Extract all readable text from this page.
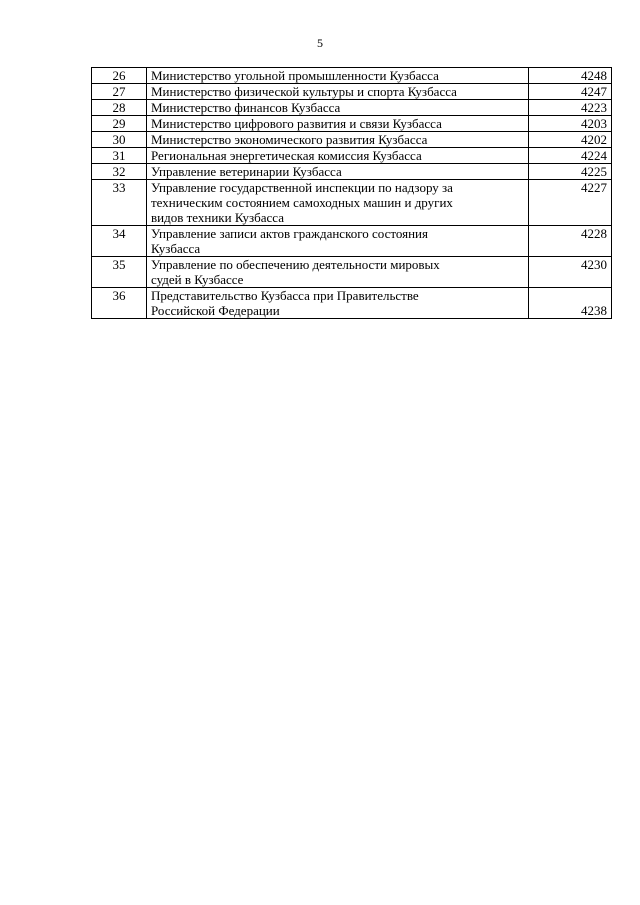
5
26	Министерство угольной промышленности Кузбасса	4248
27	Министерство физической культуры и спорта Кузбасса	4247
28	Министерство финансов Кузбасса	4223
29	Министерство цифрового развития и связи Кузбасса	4203
30	Министерство экономического развития Кузбасса	4202
31	Региональная энергетическая комиссия Кузбасса	4224
32	Управление ветеринарии Кузбасса	4225
33	Управление государственной инспекции по надзору за
техническим состоянием самоходных машин и других
видов техники Кузбасса	4227
34	Управление записи актов гражданского состояния
Кузбасса	4228
35	Управление по обеспечению деятельности мировых
судей в Кузбассе	4230
36	Представительство Кузбасса при Правительстве
Российской Федерации	4238
